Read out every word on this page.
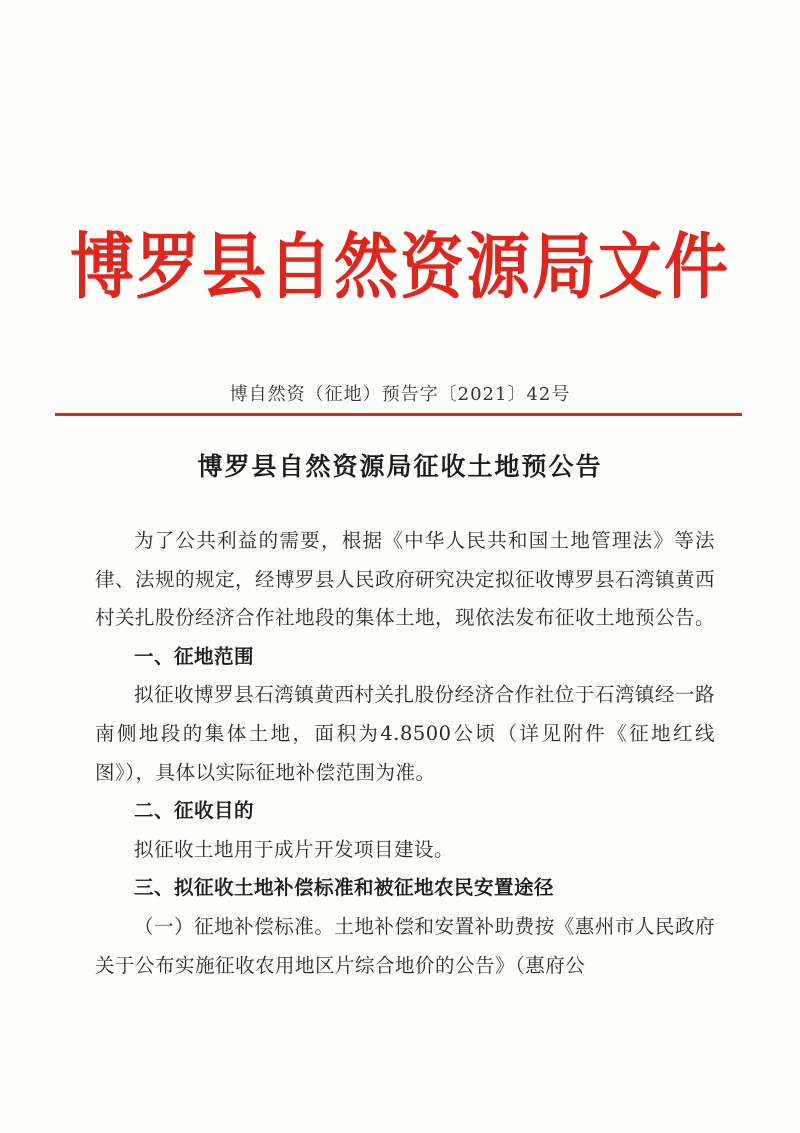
博罗县自然资源局文件
博自然资（征地）预告字〔2021〕42号
博罗县自然资源局征收土地预公告

为了公共利益的需要，根据《中华人民共和国土地管理法》等法律、法规的规定，经博罗县人民政府研究决定拟征收博罗县石湾镇黄西村关扎股份经济合作社地段的集体土地，现依法发布征收土地预公告。

一、征地范围

拟征收博罗县石湾镇黄西村关扎股份经济合作社位于石湾镇经一路南侧地段的集体土地，面积为4.8500公顷（详见附件《征地红线图》），具体以实际征地补偿范围为准。

二、征收目的

拟征收土地用于成片开发项目建设。

三、拟征收土地补偿标准和被征地农民安置途径

（一）征地补偿标准。土地补偿和安置补助费按《惠州市人民政府关于公布实施征收农用地区片综合地价的公告》（惠府公
